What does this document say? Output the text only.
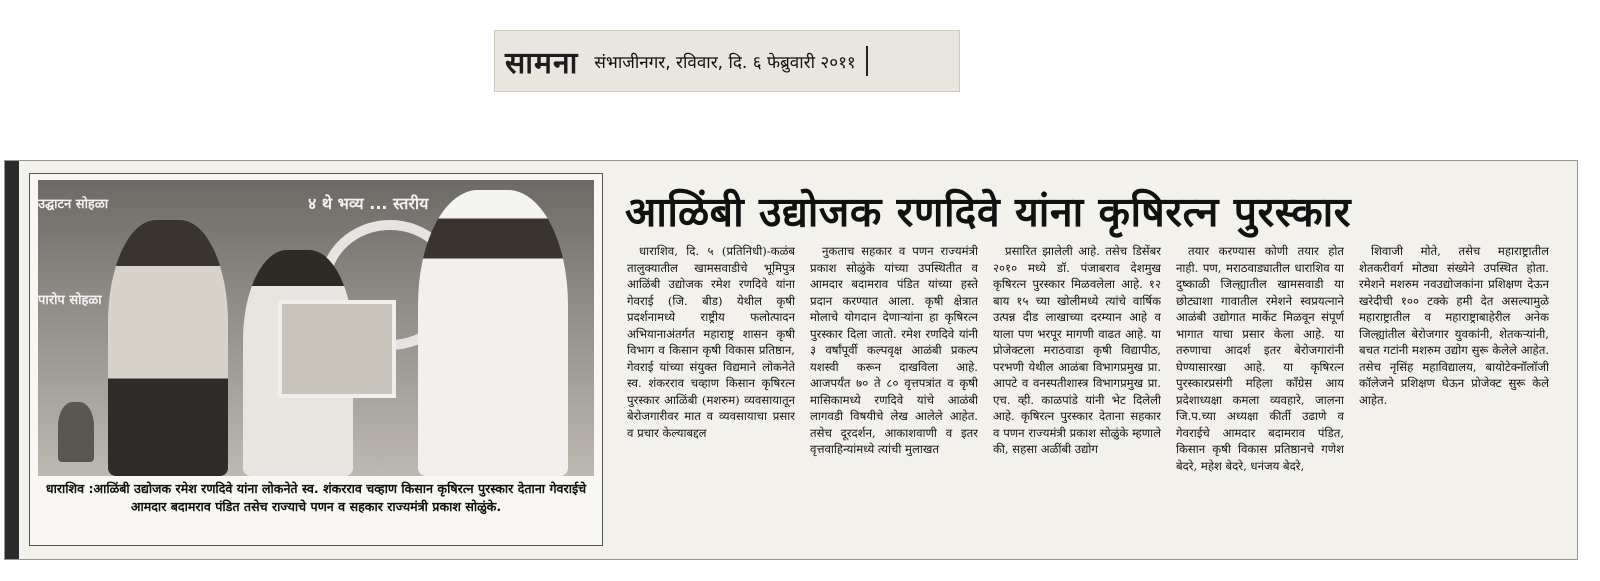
सामना संभाजीनगर, रविवार, दि. ६ फेब्रुवारी २०११
उद्घाटन सोहळा
पारोप सोहळा
४ थे भव्य ... स्तरीय
धाराशिव :आळिंबी उद्योजक रमेश रणदिवे यांना लोकनेते स्व. शंकरराव चव्हाण किसान कृषिरत्न पुरस्कार देताना गेवराईचे आमदार बदामराव पंडित तसेच राज्याचे पणन व सहकार राज्यमंत्री प्रकाश सोळुंके.
आळिंबी उद्योजक रणदिवे यांना कृषिरत्न पुरस्कार

धाराशिव, दि. ५ (प्रतिनिधी)-कळंब तालुक्यातील खामसवाडीचे भूमिपुत्र आळिंबी उद्योजक रमेश रणदिवे यांना गेवराई (जि. बीड) येथील कृषी प्रदर्शनामध्ये राष्ट्रीय फलोत्पादन अभियानाअंतर्गत महाराष्ट्र शासन कृषी विभाग व किसान कृषी विकास प्रतिष्ठान, गेवराई यांच्या संयुक्त विद्यमाने लोकनेते स्व. शंकरराव चव्हाण किसान कृषिरत्न पुरस्कार आळिंबी (मशरुम) व्यवसायातून बेरोजगारीवर मात व व्यवसायाचा प्रसार व प्रचार केल्याबद्दल

नुकताच सहकार व पणन राज्यमंत्री प्रकाश सोळुंके यांच्या उपस्थितीत व आमदार बदामराव पंडित यांच्या हस्ते प्रदान करण्यात आला. कृषी क्षेत्रात मोलाचे योगदान देणाऱ्यांना हा कृषिरत्न पुरस्कार दिला जातो. रमेश रणदिवे यांनी ३ वर्षांपूर्वी कल्पवृक्ष आळंबी प्रकल्प यशस्वी करून दाखविला आहे. आजपर्यंत ७० ते ८० वृत्तपत्रांत व कृषी मासिकामध्ये रणदिवे यांचे आळंबी लागवडी विषयीचे लेख आलेले आहेत. तसेच दूरदर्शन, आकाशवाणी व इतर वृत्तवाहिन्यांमध्ये त्यांची मुलाखत

प्रसारित झालेली आहे. तसेच डिसेंबर २०१० मध्ये डॉ. पंजाबराव देशमुख कृषिरत्न पुरस्कार मिळवलेला आहे. १२ बाय १५ च्या खोलीमध्ये त्यांचे वार्षिक उत्पन्न दीड लाखाच्या दरम्यान आहे व याला पण भरपूर मागणी वाढत आहे. या प्रोजेक्टला मराठवाडा कृषी विद्यापीठ, परभणी येथील आळंबा विभागप्रमुख प्रा. आपटे व वनस्पतीशास्त्र विभागप्रमुख प्रा. एच. व्ही. काळपांडे यांनी भेट दिलेली आहे. कृषिरत्न पुरस्कार देताना सहकार व पणन राज्यमंत्री प्रकाश सोळुंके म्हणाले की, सहसा अळींबी उद्योग

तयार करण्यास कोणी तयार होत नाही. पण, मराठवाड्यातील धाराशिव या दुष्काळी जिल्ह्यातील खामसवाडी या छोट्याशा गावातील रमेशने स्वप्रयत्नाने आळंबी उद्योगात मार्केट मिळवून संपूर्ण भागात याचा प्रसार केला आहे. या तरुणाचा आदर्श इतर बेरोजगारांनी घेण्यासारखा आहे. या कृषिरत्न पुरस्कारप्रसंगी महिला कॉंग्रेस आय प्रदेशाध्यक्षा कमला व्यवहारे, जालना जि.प.च्या अध्यक्षा कीर्ती उढाणे व गेवराईचे आमदार बदामराव पंडित, किसान कृषी विकास प्रतिष्ठानचे गणेश बेदरे, महेश बेदरे, धनंजय बेदरे,

शिवाजी मोते, तसेच महाराष्ट्रातील शेतकरीवर्ग मोठ्या संख्येने उपस्थित होता. रमेशने मशरुम नवउद्योजकांना प्रशिक्षण देऊन खरेदीची १०० टक्के हमी देत असल्यामुळे महाराष्ट्रातील व महाराष्ट्राबाहेरील अनेक जिल्ह्यांतील बेरोजगार युवकांनी, शेतकऱ्यांनी, बचत गटांनी मशरुम उद्योग सुरू केलेले आहेत. तसेच नृसिंह महाविद्यालय, बायोटेक्नॉलॉजी कॉलेजने प्रशिक्षण घेऊन प्रोजेक्ट सुरू केले आहेत.
